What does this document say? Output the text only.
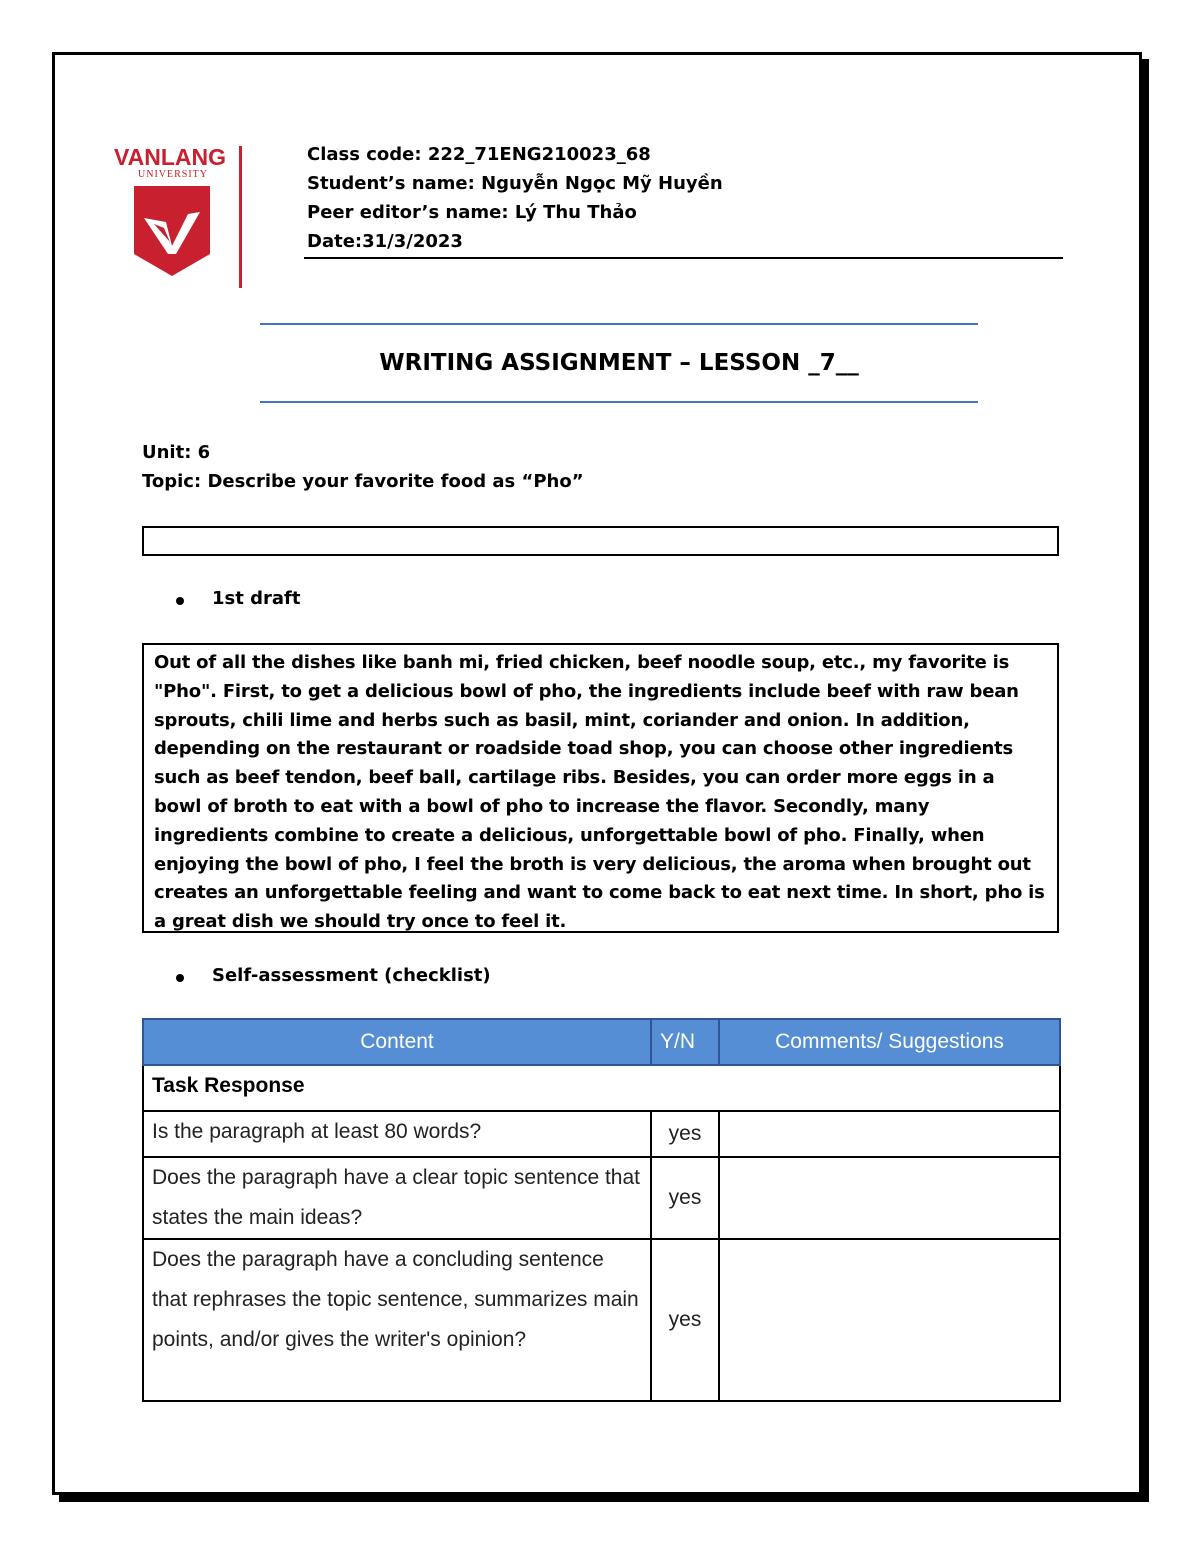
VANLANG
UNIVERSITY
Class code: 222_71ENG210023_68
Student’s name: Nguyễn Ngọc Mỹ Huyền
Peer editor’s name: Lý Thu Thảo
Date:31/3/2023
WRITING ASSIGNMENT – LESSON _7__
Unit: 6
Topic: Describe your favorite food as “Pho”
1st draft

Out of all the dishes like banh mi, fried chicken, beef noodle soup, etc., my favorite is "Pho". First, to get a delicious bowl of pho, the ingredients include beef with raw bean sprouts, chili lime and herbs such as basil, mint, coriander and onion. In addition, depending on the restaurant or roadside toad shop, you can choose other ingredients such as beef tendon, beef ball, cartilage ribs. Besides, you can order more eggs in a bowl of broth to eat with a bowl of pho to increase the flavor. Secondly, many ingredients combine to create a delicious, unforgettable bowl of pho. Finally, when enjoying the bowl of pho, I feel the broth is very delicious, the aroma when brought out creates an unforgettable feeling and want to come back to eat next time. In short, pho is a great dish we should try once to feel it.

Self-assessment (checklist)
Content	Y/N	Comments/ Suggestions
Task Response		
Is the paragraph at least 80 words?	yes	
Does the paragraph have a clear topic sentence that states the main ideas?	yes	
Does the paragraph have a concluding sentence that rephrases the topic sentence, summarizes main points, and/or gives the writer's opinion?	yes	
